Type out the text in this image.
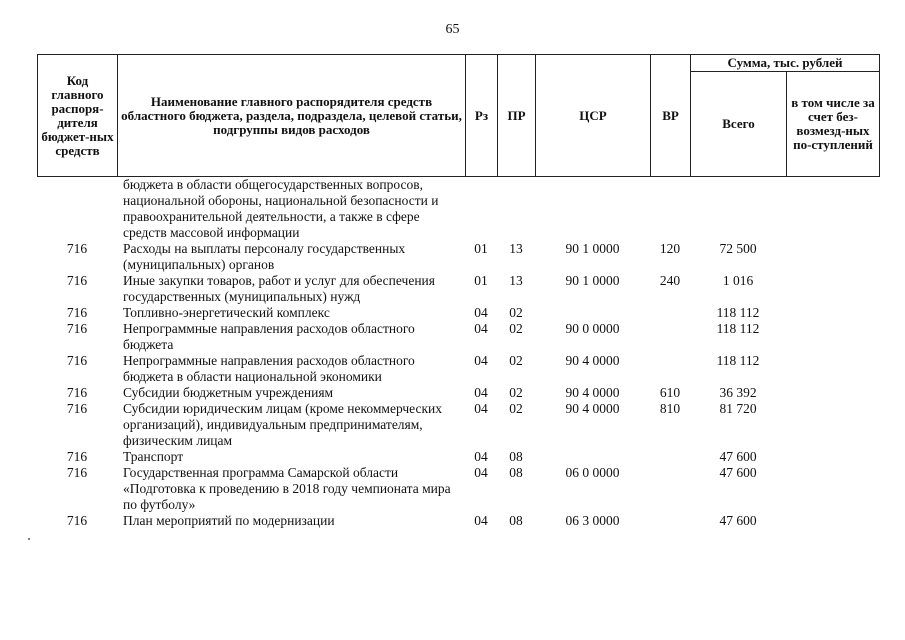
65
Код главного распоря-дителя бюджет-ных средств	Наименование главного распорядителя средств областного бюджета, раздела, подраздела, целевой статьи, подгруппы видов расходов	Рз	ПР	ЦСР	ВР	Сумма, тыс. рублей	
						Всего	в том числе за счет без-возмезд-ных по-ступлений
	бюджета в области общегосударственных вопросов, национальной обороны, национальной безопасности и правоохранительной деятельности, а также в сфере средств массовой информации						
716	Расходы на выплаты персоналу государственных (муниципальных) органов	01	13	90 1 0000	120	72 500	
716	Иные закупки товаров, работ и услуг для обеспечения государственных (муниципальных) нужд	01	13	90 1 0000	240	1 016	
716	Топливно-энергетический комплекс	04	02			118 112	
716	Непрограммные направления расходов областного бюджета	04	02	90 0 0000		118 112	
716	Непрограммные направления расходов областного бюджета в области национальной экономики	04	02	90 4 0000		118 112	
716	Субсидии бюджетным учреждениям	04	02	90 4 0000	610	36 392	
716	Субсидии юридическим лицам (кроме некоммерческих организаций), индивидуальным предпринимателям, физическим лицам	04	02	90 4 0000	810	81 720	
716	Транспорт	04	08			47 600	
716	Государственная программа Самарской области «Подготовка к проведению в 2018 году чемпионата мира по футболу»	04	08	06 0 0000		47 600	
716	План мероприятий по модернизации	04	08	06 3 0000		47 600	
